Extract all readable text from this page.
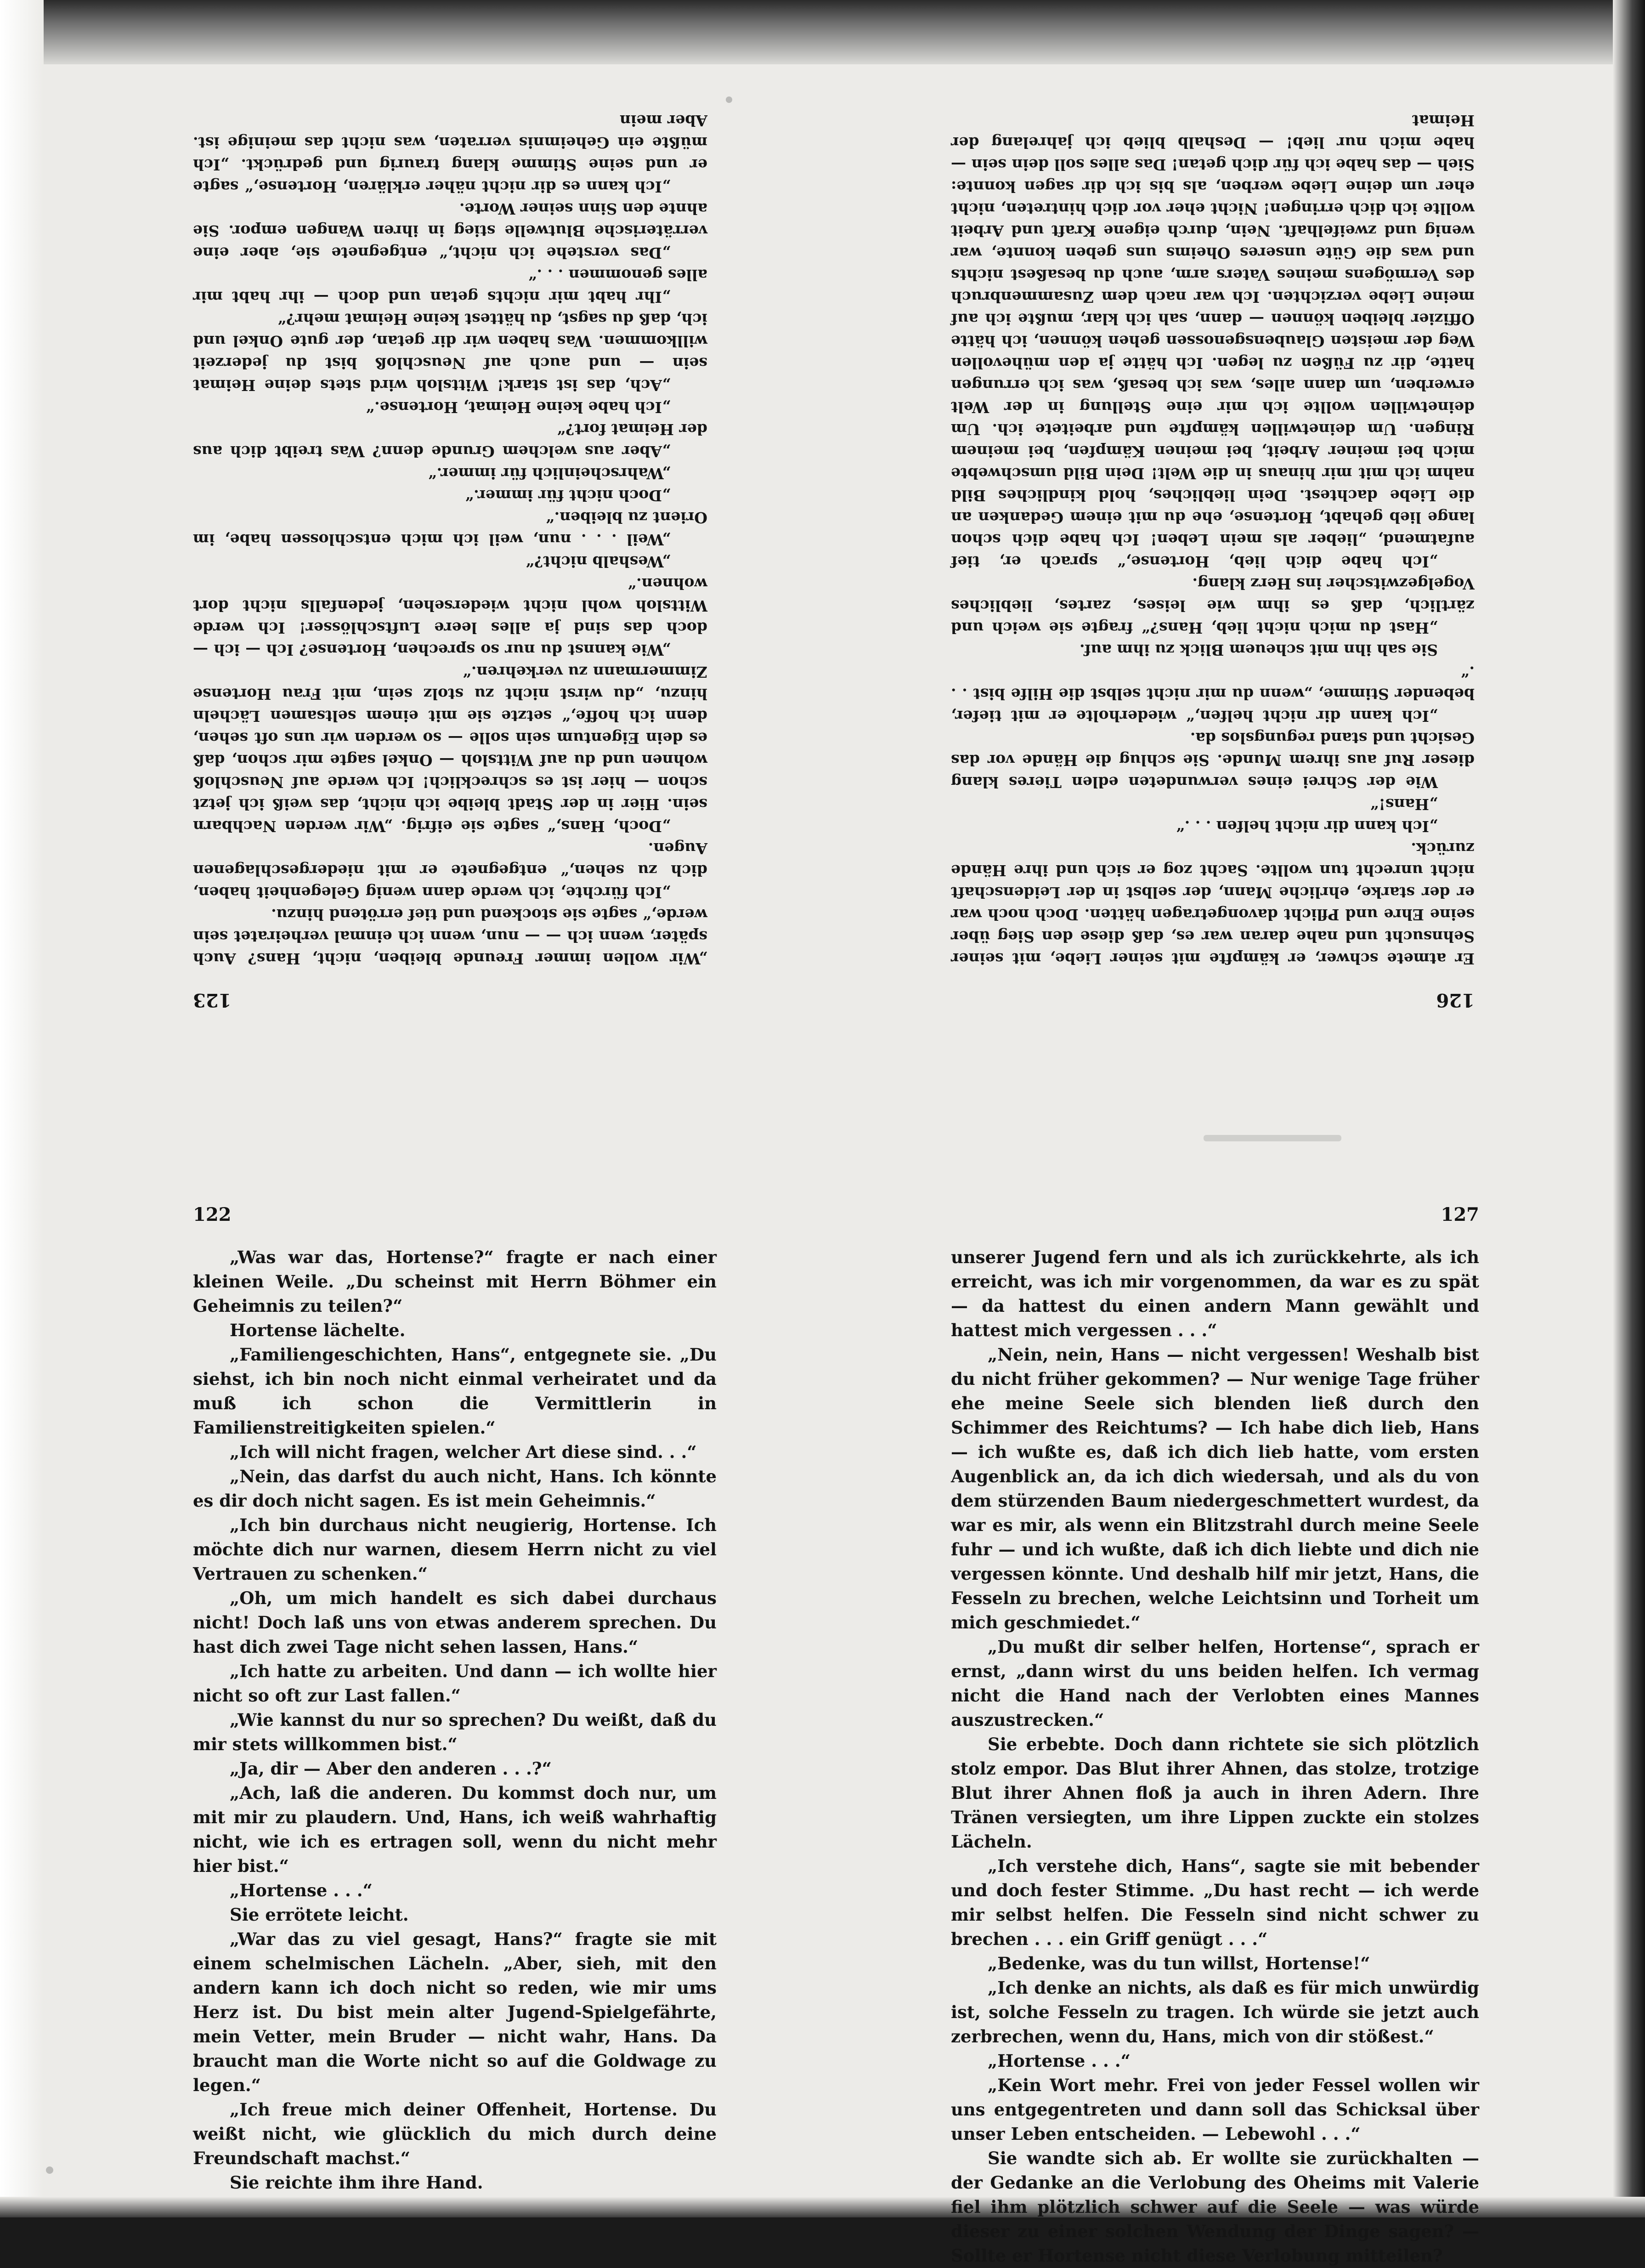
123

„Wir wollen immer Freunde bleiben, nicht, Hans? Auch später, wenn ich — — nun, wenn ich einmal verheiratet sein werde,“ sagte sie stockend und tief errötend hinzu.

„Ich fürchte, ich werde dann wenig Gelegenheit haben, dich zu sehen,“ entgegnete er mit niedergeschlagenen Augen.

„Doch, Hans,“ sagte sie eifrig. „Wir werden Nachbarn sein. Hier in der Stadt bleibe ich nicht, das weiß ich jetzt schon — hier ist es schrecklich! Ich werde auf Neuschloß wohnen und du auf Wittsloh — Onkel sagte mir schon, daß es dein Eigentum sein solle — so werden wir uns oft sehen, denn ich hoffe,“ setzte sie mit einem seltsamen Lächeln hinzu, „du wirst nicht zu stolz sein, mit Frau Hortense Zimmermann zu verkehren.“

„Wie kannst du nur so sprechen, Hortense? Ich — ich — doch das sind ja alles leere Luftschlösser! Ich werde Wittsloh wohl nicht wiedersehen, jedenfalls nicht dort wohnen.“

„Weshalb nicht?“

„Weil . . . nun, weil ich mich entschlossen habe, im Orient zu bleiben.“

„Doch nicht für immer.“

„Wahrscheinlich für immer.“

„Aber aus welchem Grunde denn? Was treibt dich aus der Heimat fort?“

„Ich habe keine Heimat, Hortense.“

„Ach, das ist stark! Wittsloh wird stets deine Heimat sein — und auch auf Neuschloß bist du jederzeit willkommen. Was haben wir dir getan, der gute Onkel und ich, daß du sagst, du hättest keine Heimat mehr?“

„Ihr habt mir nichts getan und doch — ihr habt mir alles genommen . . .“

„Das verstehe ich nicht,“ entgegnete sie, aber eine verräterische Blutwelle stieg in ihren Wangen empor. Sie ahnte den Sinn seiner Worte.

„Ich kann es dir nicht näher erklären, Hortense,“ sagte er und seine Stimme klang traurig und gedrückt. „Ich müßte ein Geheimnis verraten, was nicht das meinige ist. Aber mein

126

Er atmete schwer, er kämpfte mit seiner Liebe, mit seiner Sehnsucht und nahe daran war es, daß diese den Sieg über seine Ehre und Pflicht davongetragen hätten. Doch noch war er der starke, ehrliche Mann, der selbst in der Leidenschaft nicht unrecht tun wollte. Sacht zog er sich und ihre Hände zurück.

„Ich kann dir nicht helfen . . .“

„Hans!“

Wie der Schrei eines verwundeten edlen Tieres klang dieser Ruf aus ihrem Munde. Sie schlug die Hände vor das Gesicht und stand regungslos da.

„Ich kann dir nicht helfen,“ wiederholte er mit tiefer, bebender Stimme, „wenn du mir nicht selbst die Hilfe bist . . .“

Sie sah ihn mit scheuem Blick zu ihm auf.

„Hast du mich nicht lieb, Hans?“ fragte sie weich und zärtlich, daß es ihm wie leises, zartes, liebliches Vogelgezwitscher ins Herz klang.

„Ich habe dich lieb, Hortense,“ sprach er, tief aufatmend, „lieber als mein Leben! Ich habe dich schon lange lieb gehabt, Hortense, ehe du mit einem Gedanken an die Liebe dachtest. Dein liebliches, hold kindliches Bild nahm ich mit mir hinaus in die Welt! Dein Bild umschwebte mich bei meiner Arbeit, bei meinen Kämpfen, bei meinem Ringen. Um deinetwillen kämpfte und arbeitete ich. Um deinetwillen wollte ich mir eine Stellung in der Welt erwerben, um dann alles, was ich besaß, was ich errungen hatte, dir zu Füßen zu legen. Ich hätte ja den mühevollen Weg der meisten Glaubensgenossen gehen können, ich hätte Offizier bleiben können — dann, sah ich klar, mußte ich auf meine Liebe verzichten. Ich war nach dem Zusammenbruch des Vermögens meines Vaters arm, auch du besaßest nichts und was die Güte unseres Oheims uns geben konnte, war wenig und zweifelhaft. Nein, durch eigene Kraft und Arbeit wollte ich dich erringen! Nicht eher vor dich hintreten, nicht eher um deine Liebe werben, als bis ich dir sagen konnte: Sieh — das habe ich für dich getan! Das alles soll dein sein — habe mich nur lieb! — Deshalb blieb ich jahrelang der Heimat

122

„Was war das, Hortense?“ fragte er nach einer kleinen Weile. „Du scheinst mit Herrn Böhmer ein Geheimnis zu teilen?“

Hortense lächelte.

„Familiengeschichten, Hans“, entgegnete sie. „Du siehst, ich bin noch nicht einmal verheiratet und da muß ich schon die Vermittlerin in Familienstreitigkeiten spielen.“

„Ich will nicht fragen, welcher Art diese sind. . .“

„Nein, das darfst du auch nicht, Hans. Ich könnte es dir doch nicht sagen. Es ist mein Geheimnis.“

„Ich bin durchaus nicht neugierig, Hortense. Ich möchte dich nur warnen, diesem Herrn nicht zu viel Vertrauen zu schenken.“

„Oh, um mich handelt es sich dabei durchaus nicht! Doch laß uns von etwas anderem sprechen. Du hast dich zwei Tage nicht sehen lassen, Hans.“

„Ich hatte zu arbeiten. Und dann — ich wollte hier nicht so oft zur Last fallen.“

„Wie kannst du nur so sprechen? Du weißt, daß du mir stets willkommen bist.“

„Ja, dir — Aber den anderen . . .?“

„Ach, laß die anderen. Du kommst doch nur, um mit mir zu plaudern. Und, Hans, ich weiß wahrhaftig nicht, wie ich es ertragen soll, wenn du nicht mehr hier bist.“

„Hortense . . .“

Sie errötete leicht.

„War das zu viel gesagt, Hans?“ fragte sie mit einem schelmischen Lächeln. „Aber, sieh, mit den andern kann ich doch nicht so reden, wie mir ums Herz ist. Du bist mein alter Jugend-Spielgefährte, mein Vetter, mein Bruder — nicht wahr, Hans. Da braucht man die Worte nicht so auf die Goldwage zu legen.“

„Ich freue mich deiner Offenheit, Hortense. Du weißt nicht, wie glücklich du mich durch deine Freundschaft machst.“

Sie reichte ihm ihre Hand.

127

unserer Jugend fern und als ich zurückkehrte, als ich erreicht, was ich mir vorgenommen, da war es zu spät — da hattest du einen andern Mann gewählt und hattest mich vergessen . . .“

„Nein, nein, Hans — nicht vergessen! Weshalb bist du nicht früher gekommen? — Nur wenige Tage früher ehe meine Seele sich blenden ließ durch den Schimmer des Reichtums? — Ich habe dich lieb, Hans — ich wußte es, daß ich dich lieb hatte, vom ersten Augenblick an, da ich dich wiedersah, und als du von dem stürzenden Baum niedergeschmettert wurdest, da war es mir, als wenn ein Blitzstrahl durch meine Seele fuhr — und ich wußte, daß ich dich liebte und dich nie vergessen könnte. Und deshalb hilf mir jetzt, Hans, die Fesseln zu brechen, welche Leichtsinn und Torheit um mich geschmiedet.“

„Du mußt dir selber helfen, Hortense“, sprach er ernst, „dann wirst du uns beiden helfen. Ich vermag nicht die Hand nach der Verlobten eines Mannes auszustrecken.“

Sie erbebte. Doch dann richtete sie sich plötzlich stolz empor. Das Blut ihrer Ahnen, das stolze, trotzige Blut ihrer Ahnen floß ja auch in ihren Adern. Ihre Tränen versiegten, um ihre Lippen zuckte ein stolzes Lächeln.

„Ich verstehe dich, Hans“, sagte sie mit bebender und doch fester Stimme. „Du hast recht — ich werde mir selbst helfen. Die Fesseln sind nicht schwer zu brechen . . . ein Griff genügt . . .“

„Bedenke, was du tun willst, Hortense!“

„Ich denke an nichts, als daß es für mich unwürdig ist, solche Fesseln zu tragen. Ich würde sie jetzt auch zerbrechen, wenn du, Hans, mich von dir stößest.“

„Hortense . . .“

„Kein Wort mehr. Frei von jeder Fessel wollen wir uns entgegentreten und dann soll das Schicksal über unser Leben entscheiden. — Lebewohl . . .“

Sie wandte sich ab. Er wollte sie zurückhalten — der Gedanke an die Verlobung des Oheims mit Valerie fiel ihm plötzlich schwer auf die Seele — was würde dieser zu einer solchen Wendung der Dinge sagen? — Sollte er Hortense nicht diese Verlobung mitteilen?
